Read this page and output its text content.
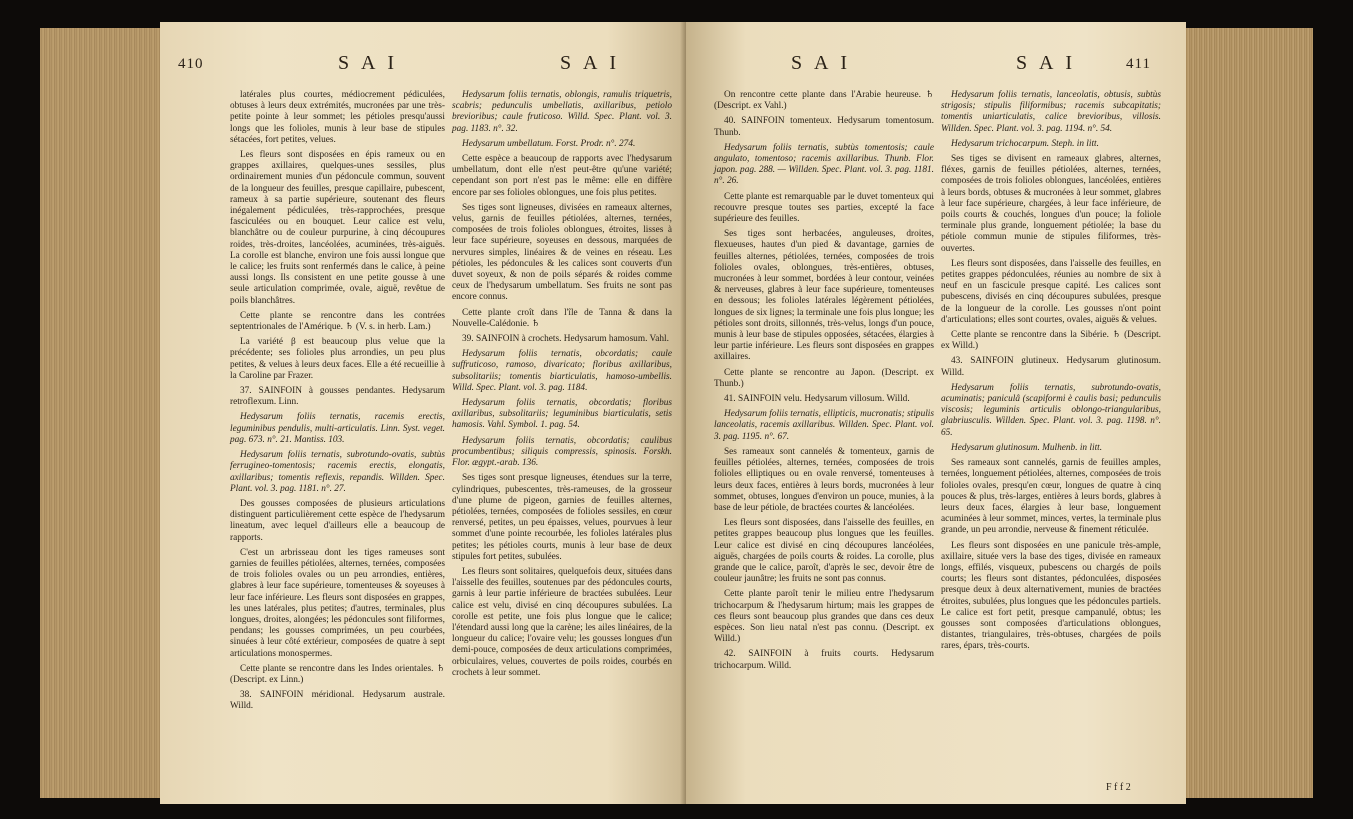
410	S A I	S A I

latérales plus courtes, médiocrement pédiculées, obtuses à leurs deux extrémités, mucronées par une très-petite pointe à leur sommet; les pétioles presqu'aussi longs que les folioles, munis à leur base de stipules sétacées, fort petites, velues.

Les fleurs sont disposées en épis rameux ou en grappes axillaires, quelques-unes sessiles, plus ordinairement munies d'un pédoncule commun, souvent de la longueur des feuilles, presque capillaire, pubescent, rameux à sa partie supérieure, soutenant des fleurs inégalement pédiculées, très-rapprochées, presque fasciculées ou en bouquet. Leur calice est velu, blanchâtre ou de couleur purpurine, à cinq découpures roides, très-droites, lancéolées, acuminées, très-aiguës. La corolle est blanche, environ une fois aussi longue que le calice; les fruits sont renfermés dans le calice, à peine aussi longs. Ils consistent en une petite gousse à une seule articulation comprimée, ovale, aiguë, revêtue de poils blanchâtres.

Cette plante se rencontre dans les contrées septentrionales de l'Amérique. ♄ (V. s. in herb. Lam.)

La variété β est beaucoup plus velue que la précédente; ses folioles plus arrondies, un peu plus petites, & velues à leurs deux faces. Elle a été recueillie à la Caroline par Frazer.

37. SAINFOIN à gousses pendantes. Hedysarum retroflexum. Linn.

Hedysarum foliis ternatis, racemis erectis, leguminibus pendulis, multi-articulatis. Linn. Syst. veget. pag. 673. n°. 21. Mantiss. 103.

Hedysarum foliis ternatis, subrotundo-ovatis, subtùs ferrugineo-tomentosis; racemis erectis, elongatis, axillaribus; tomentis reflexis, repandis. Willden. Spec. Plant. vol. 3. pag. 1181. n°. 27.

Des gousses composées de plusieurs articulations distinguent particulièrement cette espèce de l'hedysarum lineatum, avec lequel d'ailleurs elle a beaucoup de rapports.

C'est un arbrisseau dont les tiges rameuses sont garnies de feuilles pétiolées, alternes, ternées, composées de trois folioles ovales ou un peu arrondies, entières, glabres à leur face supérieure, tomenteuses & soyeuses à leur face inférieure. Les fleurs sont disposées en grappes, les unes latérales, plus petites; d'autres, terminales, plus longues, droites, alongées; les pédoncules sont filiformes, pendans; les gousses comprimées, un peu courbées, sinuées à leur côté extérieur, composées de quatre à sept articulations monospermes.

Cette plante se rencontre dans les Indes orientales. ♄ (Descript. ex Linn.)

38. SAINFOIN méridional. Hedysarum australe. Willd.

Hedysarum foliis ternatis, oblongis, ramulis triquetris, scabris; pedunculis umbellatis, axillaribus, petiolo brevioribus; caule fruticoso. Willd. Spec. Plant. vol. 3. pag. 1183. n°. 32.

Hedysarum umbellatum. Forst. Prodr. n°. 274.

Cette espèce a beaucoup de rapports avec l'hedysarum umbellatum, dont elle n'est peut-être qu'une variété; cependant son port n'est pas le même: elle en diffère encore par ses folioles oblongues, une fois plus petites.

Ses tiges sont ligneuses, divisées en rameaux alternes, velus, garnis de feuilles pétiolées, alternes, ternées, composées de trois folioles oblongues, étroites, lisses à leur face supérieure, soyeuses en dessous, marquées de nervures simples, linéaires & de veines en réseau. Les pétioles, les pédoncules & les calices sont couverts d'un duvet soyeux, & non de poils séparés & roides comme ceux de l'hedysarum umbellatum. Ses fruits ne sont pas encore connus.

Cette plante croît dans l'île de Tanna & dans la Nouvelle-Calédonie. ♄

39. SAINFOIN à crochets. Hedysarum hamosum. Vahl.

Hedysarum foliis ternatis, obcordatis; caule suffruticoso, ramoso, divaricato; floribus axillaribus, subsolitariis; tomentis biarticulatis, hamoso-umbellis. Willd. Spec. Plant. vol. 3. pag. 1184.

Hedysarum foliis ternatis, obcordatis; floribus axillaribus, subsolitariis; leguminibus biarticulatis, setis hamosis. Vahl. Symbol. 1. pag. 54.

Hedysarum foliis ternatis, obcordatis; caulibus procumbentibus; siliquis compressis, spinosis. Forskh. Flor. ægypt.-arab. 136.

Ses tiges sont presque ligneuses, étendues sur la terre, cylindriques, pubescentes, très-rameuses, de la grosseur d'une plume de pigeon, garnies de feuilles alternes, pétiolées, ternées, composées de folioles sessiles, en cœur renversé, petites, un peu épaisses, velues, pourvues à leur sommet d'une pointe recourbée, les folioles latérales plus petites; les pétioles courts, munis à leur base de deux stipules fort petites, subulées.

Les fleurs sont solitaires, quelquefois deux, situées dans l'aisselle des feuilles, soutenues par des pédoncules courts, garnis à leur partie inférieure de bractées subulées. Leur calice est velu, divisé en cinq découpures subulées. La corolle est petite, une fois plus longue que le calice; l'étendard aussi long que la carène; les ailes linéaires, de la longueur du calice; l'ovaire velu; les gousses longues d'un demi-pouce, composées de deux articulations comprimées, orbiculaires, velues, couvertes de poils roides, courbés en crochets à leur sommet.

S A I	S A I	411

On rencontre cette plante dans l'Arabie heureuse. ♄ (Descript. ex Vahl.)

40. SAINFOIN tomenteux. Hedysarum tomentosum. Thunb.

Hedysarum foliis ternatis, subtùs tomentosis; caule angulato, tomentoso; racemis axillaribus. Thunb. Flor. japon. pag. 288. — Willden. Spec. Plant. vol. 3. pag. 1181. n°. 26.

Cette plante est remarquable par le duvet tomenteux qui recouvre presque toutes ses parties, excepté la face supérieure des feuilles.

Ses tiges sont herbacées, anguleuses, droites, flexueuses, hautes d'un pied & davantage, garnies de feuilles alternes, pétiolées, ternées, composées de trois folioles ovales, oblongues, très-entières, obtuses, mucronées à leur sommet, bordées à leur contour, veinées & nerveuses, glabres à leur face supérieure, tomenteuses en dessous; les folioles latérales légèrement pétiolées, longues de six lignes; la terminale une fois plus longue; les pétioles sont droits, sillonnés, très-velus, longs d'un pouce, munis à leur base de stipules opposées, sétacées, élargies à leur partie inférieure. Les fleurs sont disposées en grappes axillaires.

Cette plante se rencontre au Japon. (Descript. ex Thunb.)

41. SAINFOIN velu. Hedysarum villosum. Willd.

Hedysarum foliis ternatis, ellipticis, mucronatis; stipulis lanceolatis, racemis axillaribus. Willden. Spec. Plant. vol. 3. pag. 1195. n°. 67.

Ses rameaux sont cannelés & tomenteux, garnis de feuilles pétiolées, alternes, ternées, composées de trois folioles elliptiques ou en ovale renversé, tomenteuses à leurs deux faces, entières à leurs bords, mucronées à leur sommet, obtuses, longues d'environ un pouce, munies, à la base de leur pétiole, de bractées courtes & lancéolées.

Les fleurs sont disposées, dans l'aisselle des feuilles, en petites grappes beaucoup plus longues que les feuilles. Leur calice est divisé en cinq découpures lancéolées, aiguës, chargées de poils courts & roides. La corolle, plus grande que le calice, paroît, d'après le sec, devoir être de couleur jaunâtre; les fruits ne sont pas connus.

Cette plante paroît tenir le milieu entre l'hedysarum trichocarpum & l'hedysarum hirtum; mais les grappes de ces fleurs sont beaucoup plus grandes que dans ces deux espèces. Son lieu natal n'est pas connu. (Descript. ex Willd.)

42. SAINFOIN à fruits courts. Hedysarum trichocarpum. Willd.

Hedysarum foliis ternatis, lanceolatis, obtusis, subtùs strigosis; stipulis filiformibus; racemis subcapitatis; tomentis uniarticulatis, calice brevioribus, villosis. Willden. Spec. Plant. vol. 3. pag. 1194. n°. 54.

Hedysarum trichocarpum. Steph. in litt.

Ses tiges se divisent en rameaux glabres, alternes, fléxes, garnis de feuilles pétiolées, alternes, ternées, composées de trois folioles oblongues, lancéolées, entières à leurs bords, obtuses & mucronées à leur sommet, glabres à leur face supérieure, chargées, à leur face inférieure, de poils courts & couchés, longues d'un pouce; la foliole terminale plus grande, longuement pétiolée; la base du pétiole commun munie de stipules filiformes, très-ouvertes.

Les fleurs sont disposées, dans l'aisselle des feuilles, en petites grappes pédonculées, réunies au nombre de six à neuf en un fascicule presque capité. Les calices sont pubescens, divisés en cinq découpures subulées, presque de la longueur de la corolle. Les gousses n'ont point d'articulations; elles sont courtes, ovales, aiguës & velues.

Cette plante se rencontre dans la Sibérie. ♄ (Descript. ex Willd.)

43. SAINFOIN glutineux. Hedysarum glutinosum. Willd.

Hedysarum foliis ternatis, subrotundo-ovatis, acuminatis; paniculâ (scapiformi è caulis basi; pedunculis viscosis; leguminis articulis oblongo-triangularibus, glabriusculis. Willden. Spec. Plant. vol. 3. pag. 1198. n°. 65.

Hedysarum glutinosum. Mulhenb. in litt.

Ses rameaux sont cannelés, garnis de feuilles amples, ternées, longuement pétiolées, alternes, composées de trois folioles ovales, presqu'en cœur, longues de quatre à cinq pouces & plus, très-larges, entières à leurs bords, glabres à leurs deux faces, élargies à leur base, longuement acuminées à leur sommet, minces, vertes, la terminale plus grande, un peu arrondie, nerveuse & finement réticulée.

Les fleurs sont disposées en une panicule très-ample, axillaire, située vers la base des tiges, divisée en rameaux longs, effilés, visqueux, pubescens ou chargés de poils courts; les fleurs sont distantes, pédonculées, disposées presque deux à deux alternativement, munies de bractées étroites, subulées, plus longues que les pédoncules partiels. Le calice est fort petit, presque campanulé, obtus; les gousses sont composées d'articulations oblongues, distantes, triangulaires, très-obtuses, chargées de poils rares, épars, très-courts.

F f f 2
